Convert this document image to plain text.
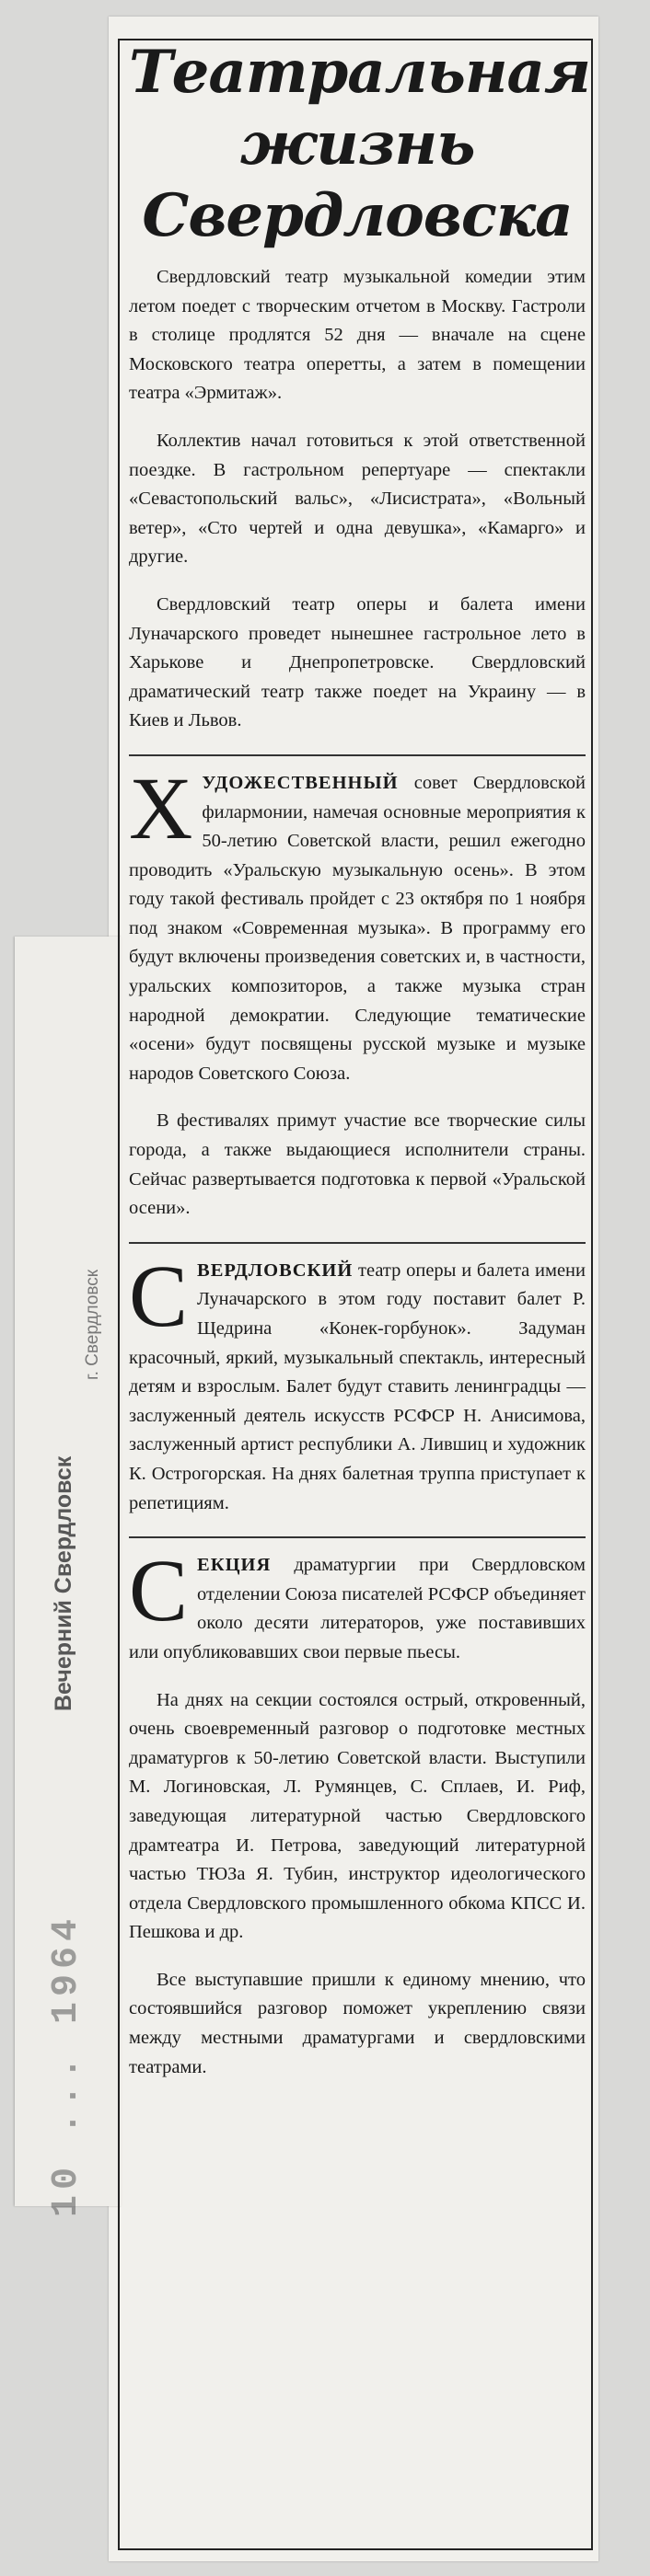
Вечерний Свердловск
г. Свердловск
10 ... 1964
Театральная
жизнь
Свердловска

Свердловский театр музыкальной комедии этим летом поедет с творческим отчетом в Москву. Гастроли в столице продлятся 52 дня — вначале на сцене Московского театра оперетты, а затем в помещении театра «Эрмитаж».

Коллектив начал готовиться к этой ответственной поездке. В гастрольном репертуаре — спектакли «Севастопольский вальс», «Лисистрата», «Вольный ветер», «Сто чертей и одна девушка», «Камарго» и другие.

Свердловский театр оперы и балета имени Луначарского проведет нынешнее гастрольное лето в Харькове и Днепропетровске. Свердловский драматический театр также поедет на Украину — в Киев и Львов.

ХУДОЖЕСТВЕННЫЙ совет Свердловской филармонии, намечая основные мероприятия к 50-летию Советской власти, решил ежегодно проводить «Уральскую музыкальную осень». В этом году такой фестиваль пройдет с 23 октября по 1 ноября под знаком «Современная музыка». В программу его будут включены произведения советских и, в частности, уральских композиторов, а также музыка стран народной демократии. Следующие тематические «осени» будут посвящены русской музыке и музыке народов Советского Союза.

В фестивалях примут участие все творческие силы города, а также выдающиеся исполнители страны. Сейчас развертывается подготовка к первой «Уральской осени».

СВЕРДЛОВСКИЙ театр оперы и балета имени Луначарского в этом году поставит балет Р. Щедрина «Конек-горбунок». Задуман красочный, яркий, музыкальный спектакль, интересный детям и взрослым. Балет будут ставить ленинградцы — заслуженный деятель искусств РСФСР Н. Анисимова, заслуженный артист республики А. Лившиц и художник К. Острогорская. На днях балетная труппа приступает к репетициям.

СЕКЦИЯ драматургии при Свердловском отделении Союза писателей РСФСР объединяет около десяти литераторов, уже поставивших или опубликовавших свои первые пьесы.

На днях на секции состоялся острый, откровенный, очень своевременный разговор о подготовке местных драматургов к 50-летию Советской власти. Выступили М. Логиновская, Л. Румянцев, С. Сплаев, И. Риф, заведующая литературной частью Свердловского драмтеатра И. Петрова, заведующий литературной частью ТЮЗа Я. Тубин, инструктор идеологического отдела Свердловского промышленного обкома КПСС И. Пешкова и др.

Все выступавшие пришли к единому мнению, что состоявшийся разговор поможет укреплению связи между местными драматургами и свердловскими театрами.
